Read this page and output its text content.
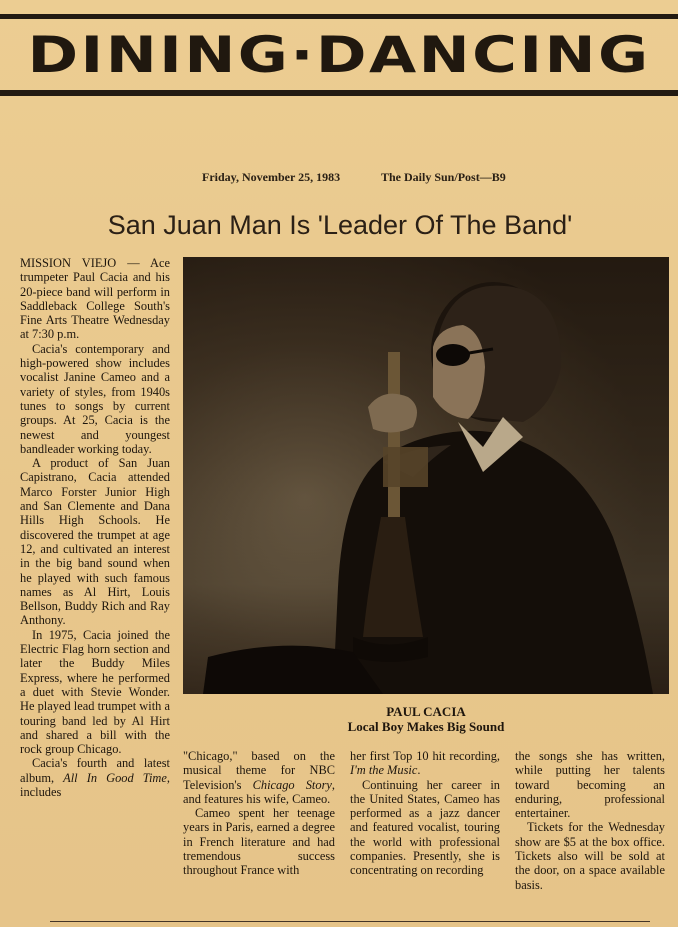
DINING·DANCING
Friday, November 25, 1983	The Daily Sun/Post—B9
San Juan Man Is 'Leader Of The Band'

MISSION VIEJO — Ace trumpeter Paul Cacia and his 20-piece band will perform in Saddleback College South's Fine Arts Theatre Wednesday at 7:30 p.m.

Cacia's contemporary and high-powered show includes vocalist Janine Cameo and a variety of styles, from 1940s tunes to songs by current groups. At 25, Cacia is the newest and youngest bandleader working today.

A product of San Juan Capistrano, Cacia attended Marco Forster Junior High and San Clemente and Dana Hills High Schools. He discovered the trumpet at age 12, and cultivated an interest in the big band sound when he played with such famous names as Al Hirt, Louis Bellson, Buddy Rich and Ray Anthony.

In 1975, Cacia joined the Electric Flag horn section and later the Buddy Miles Express, where he performed a duet with Stevie Wonder. He played lead trumpet with a touring band led by Al Hirt and shared a bill with the rock group Chicago.

Cacia's fourth and latest album, All In Good Time, includes

PAUL CACIA
Local Boy Makes Big Sound

"Chicago," based on the musical theme for NBC Television's Chicago Story, and features his wife, Cameo.

Cameo spent her teenage years in Paris, earned a degree in French literature and had tremendous success throughout France with

her first Top 10 hit recording, I'm the Music.

Continuing her career in the United States, Cameo has performed as a jazz dancer and featured vocalist, touring the world with professional companies. Presently, she is concentrating on recording

the songs she has written, while putting her talents toward becoming an enduring, professional entertainer.

Tickets for the Wednesday show are $5 at the box office. Tickets also will be sold at the door, on a space available basis.
